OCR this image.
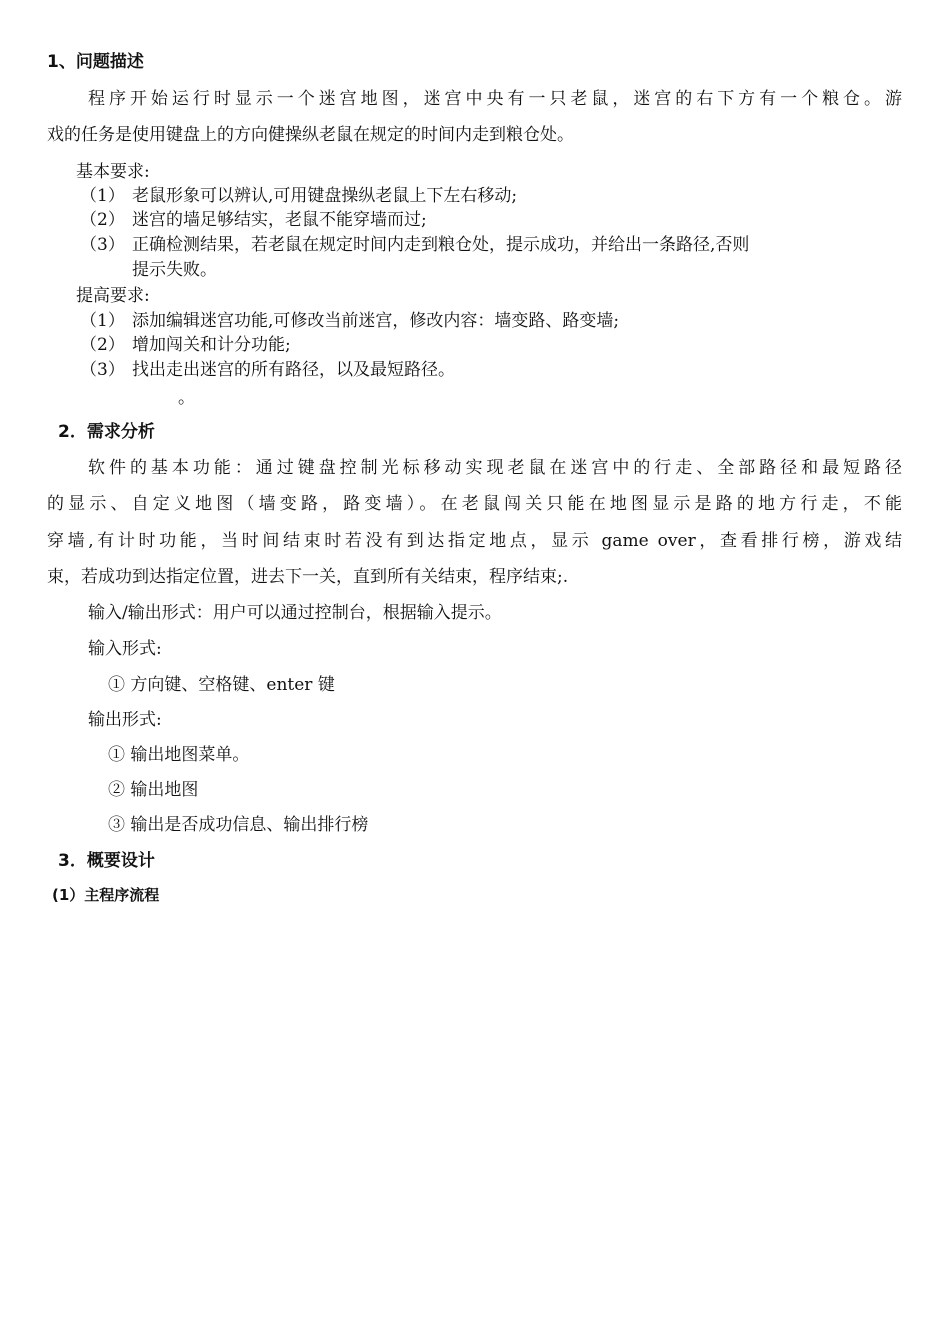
1、问题描述
程序开始运行时显示一个迷宫地图，迷宫中央有一只老鼠，迷宫的右下方有一个粮仓。游
戏的任务是使用键盘上的方向健操纵老鼠在规定的时间内走到粮仓处。
基本要求:
（1） 老鼠形象可以辨认,可用键盘操纵老鼠上下左右移动;
（2） 迷宫的墙足够结实，老鼠不能穿墙而过;
（3） 正确检测结果，若老鼠在规定时间内走到粮仓处，提示成功，并给出一条路径,否则
提示失败。
提高要求:
（1） 添加编辑迷宫功能,可修改当前迷宫，修改内容：墙变路、路变墙;
（2） 增加闯关和计分功能;
（3） 找出走出迷宫的所有路径，以及最短路径。
。
2．需求分析
软件的基本功能：通过键盘控制光标移动实现老鼠在迷宫中的行走、全部路径和最短路径
的显示、自定义地图（墙变路，路变墙）。在老鼠闯关只能在地图显示是路的地方行走，不能
穿墙,有计时功能，当时间结束时若没有到达指定地点，显示 game over，查看排行榜，游戏结
束，若成功到达指定位置，进去下一关，直到所有关结束，程序结束;.
输入/输出形式：用户可以通过控制台，根据输入提示。
输入形式:
① 方向键、空格键、enter 键
输出形式:
① 输出地图菜单。
② 输出地图
③ 输出是否成功信息、输出排行榜
3．概要设计
(1）主程序流程
